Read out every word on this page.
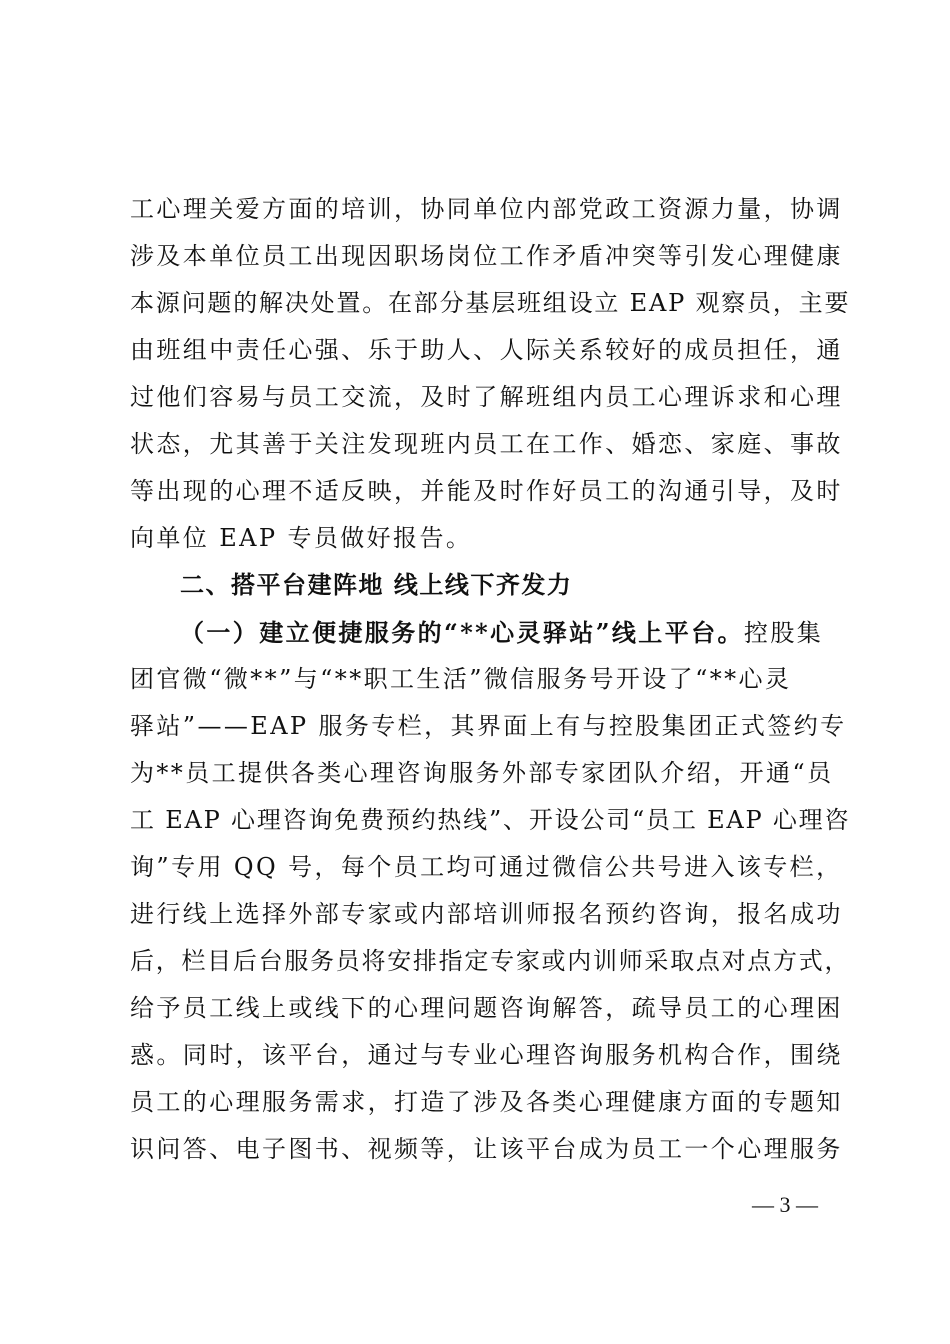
工心理关爱方面的培训，协同单位内部党政工资源力量，协调
涉及本单位员工出现因职场岗位工作矛盾冲突等引发心理健康
本源问题的解决处置。在部分基层班组设立 EAP 观察员，主要
由班组中责任心强、乐于助人、人际关系较好的成员担任，通
过他们容易与员工交流，及时了解班组内员工心理诉求和心理
状态，尤其善于关注发现班内员工在工作、婚恋、家庭、事故
等出现的心理不适反映，并能及时作好员工的沟通引导，及时
向单位 EAP 专员做好报告。
二、搭平台建阵地 线上线下齐发力
（一）建立便捷服务的“**心灵驿站”线上平台。控股集
团官微“微**”与“**职工生活”微信服务号开设了“**心灵
驿站”——EAP 服务专栏，其界面上有与控股集团正式签约专
为**员工提供各类心理咨询服务外部专家团队介绍，开通“员
工 EAP 心理咨询免费预约热线”、开设公司“员工 EAP 心理咨
询”专用 QQ 号，每个员工均可通过微信公共号进入该专栏，
进行线上选择外部专家或内部培训师报名预约咨询，报名成功
后，栏目后台服务员将安排指定专家或内训师采取点对点方式，
给予员工线上或线下的心理问题咨询解答，疏导员工的心理困
惑。同时，该平台，通过与专业心理咨询服务机构合作，围绕
员工的心理服务需求，打造了涉及各类心理健康方面的专题知
识问答、电子图书、视频等，让该平台成为员工一个心理服务
— 3 —
